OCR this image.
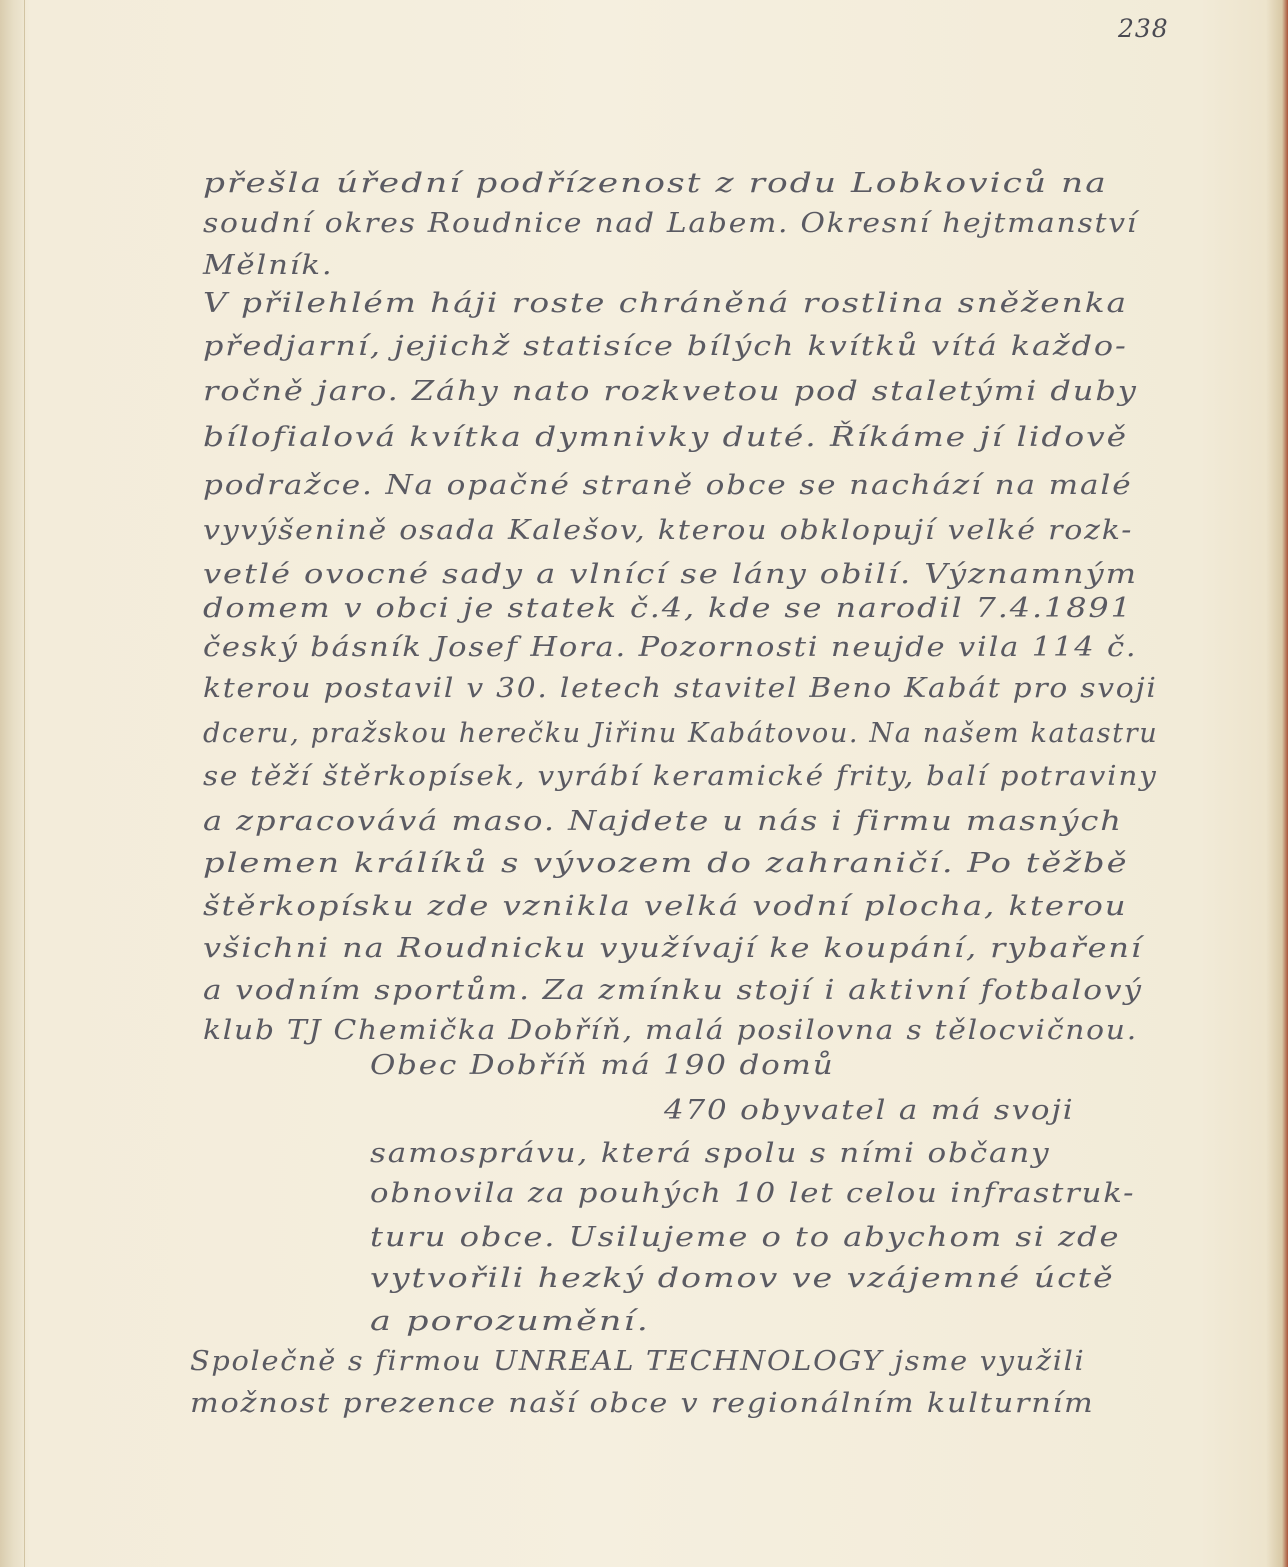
238
přešla úřední podřízenost z rodu Lobkoviců na
soudní okres Roudnice nad Labem. Okresní hejtmanství
Mělník.
V přilehlém háji roste chráněná rostlina sněženka
předjarní, jejichž statisíce bílých kvítků vítá každo-
ročně jaro. Záhy nato rozkvetou pod staletými duby
bílofialová kvítka dymnivky duté. Říkáme jí lidově
podražce. Na opačné straně obce se nachází na malé
vyvýšenině osada Kalešov, kterou obklopují velké rozk-
vetlé ovocné sady a vlnící se lány obilí. Významným
domem v obci je statek č.4, kde se narodil 7.4.1891
český básník Josef Hora. Pozornosti neujde vila 114 č.
kterou postavil v 30. letech stavitel Beno Kabát pro svoji
dceru, pražskou herečku Jiřinu Kabátovou. Na našem katastru
se těží štěrkopísek, vyrábí keramické frity, balí potraviny
a zpracovává maso. Najdete u nás i firmu masných
plemen králíků s vývozem do zahraničí. Po těžbě
štěrkopísku zde vznikla velká vodní plocha, kterou
všichni na Roudnicku využívají ke koupání, rybaření
a vodním sportům. Za zmínku stojí i aktivní fotbalový
klub TJ Chemička Dobříň, malá posilovna s tělocvičnou.
Obec Dobříň má 190 domů
470 obyvatel a má svoji
samosprávu, která spolu s ními občany
obnovila za pouhých 10 let celou infrastruk-
turu obce. Usilujeme o to abychom si zde
vytvořili hezký domov ve vzájemné úctě
a porozumění.
Společně s firmou UNREAL TECHNOLOGY jsme využili
možnost prezence naší obce v regionálním kulturním
